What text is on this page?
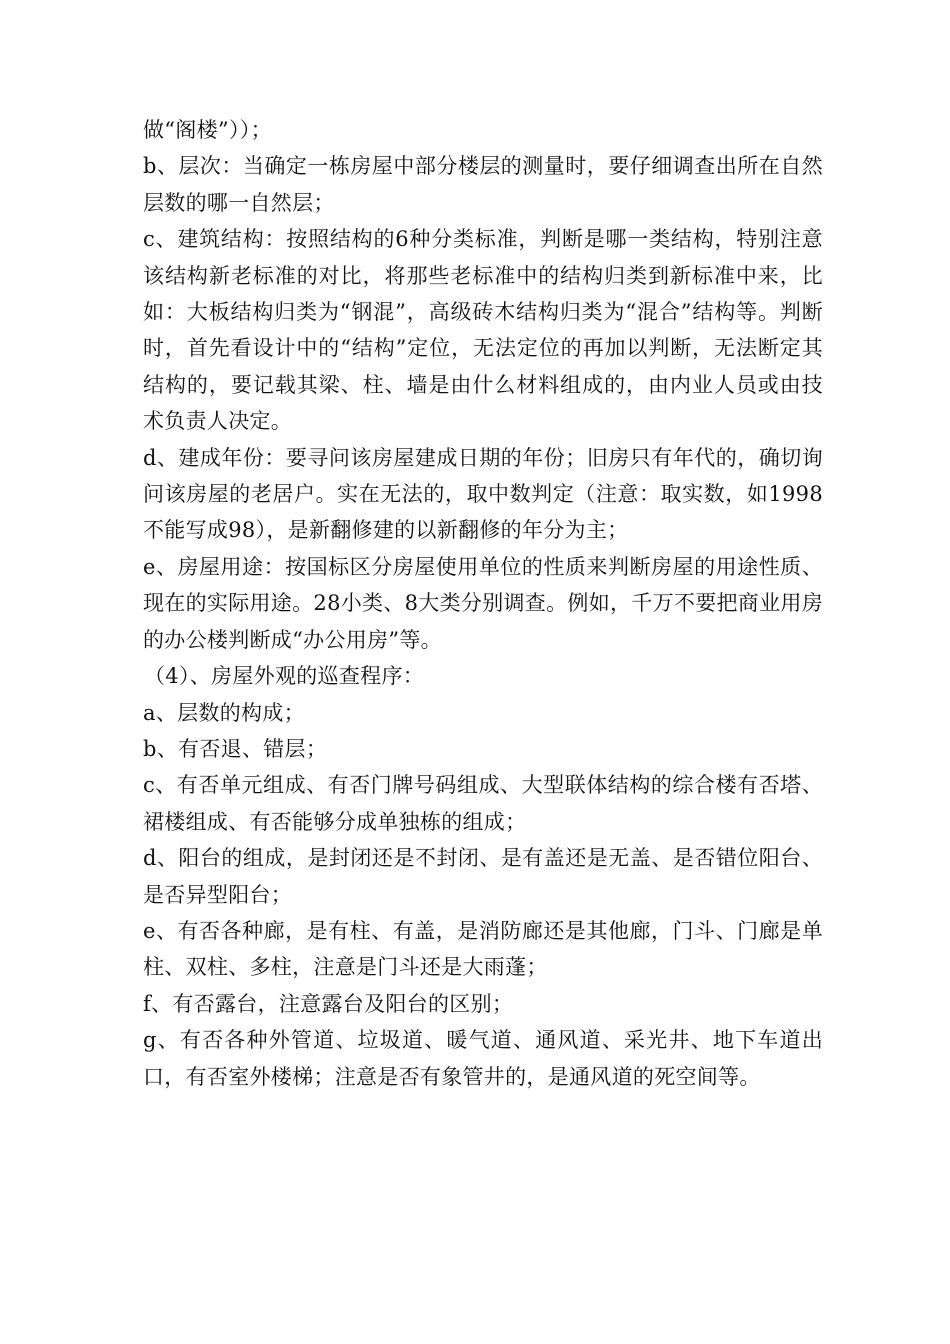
做“阁楼”））；

b、层次：当确定一栋房屋中部分楼层的测量时，要仔细调查出所在自然层数的哪一自然层；

c、建筑结构：按照结构的6种分类标准，判断是哪一类结构，特别注意该结构新老标准的对比，将那些老标准中的结构归类到新标准中来，比如：大板结构归类为“钢混”，高级砖木结构归类为“混合”结构等。判断时，首先看设计中的“结构”定位，无法定位的再加以判断，无法断定其结构的，要记载其梁、柱、墙是由什么材料组成的，由内业人员或由技术负责人决定。

d、建成年份：要寻问该房屋建成日期的年份；旧房只有年代的，确切询问该房屋的老居户。实在无法的，取中数判定（注意：取实数，如1998不能写成98），是新翻修建的以新翻修的年分为主；

e、房屋用途：按国标区分房屋使用单位的性质来判断房屋的用途性质、现在的实际用途。28小类、8大类分别调查。例如，千万不要把商业用房的办公楼判断成“办公用房”等。

（4）、房屋外观的巡查程序：

a、层数的构成；

b、有否退、错层；

c、有否单元组成、有否门牌号码组成、大型联体结构的综合楼有否塔、裙楼组成、有否能够分成单独栋的组成；

d、阳台的组成，是封闭还是不封闭、是有盖还是无盖、是否错位阳台、是否异型阳台；

e、有否各种廊，是有柱、有盖，是消防廊还是其他廊，门斗、门廊是单柱、双柱、多柱，注意是门斗还是大雨蓬；

f、有否露台，注意露台及阳台的区别；

g、有否各种外管道、垃圾道、暖气道、通风道、采光井、地下车道出口，有否室外楼梯；注意是否有象管井的，是通风道的死空间等。
